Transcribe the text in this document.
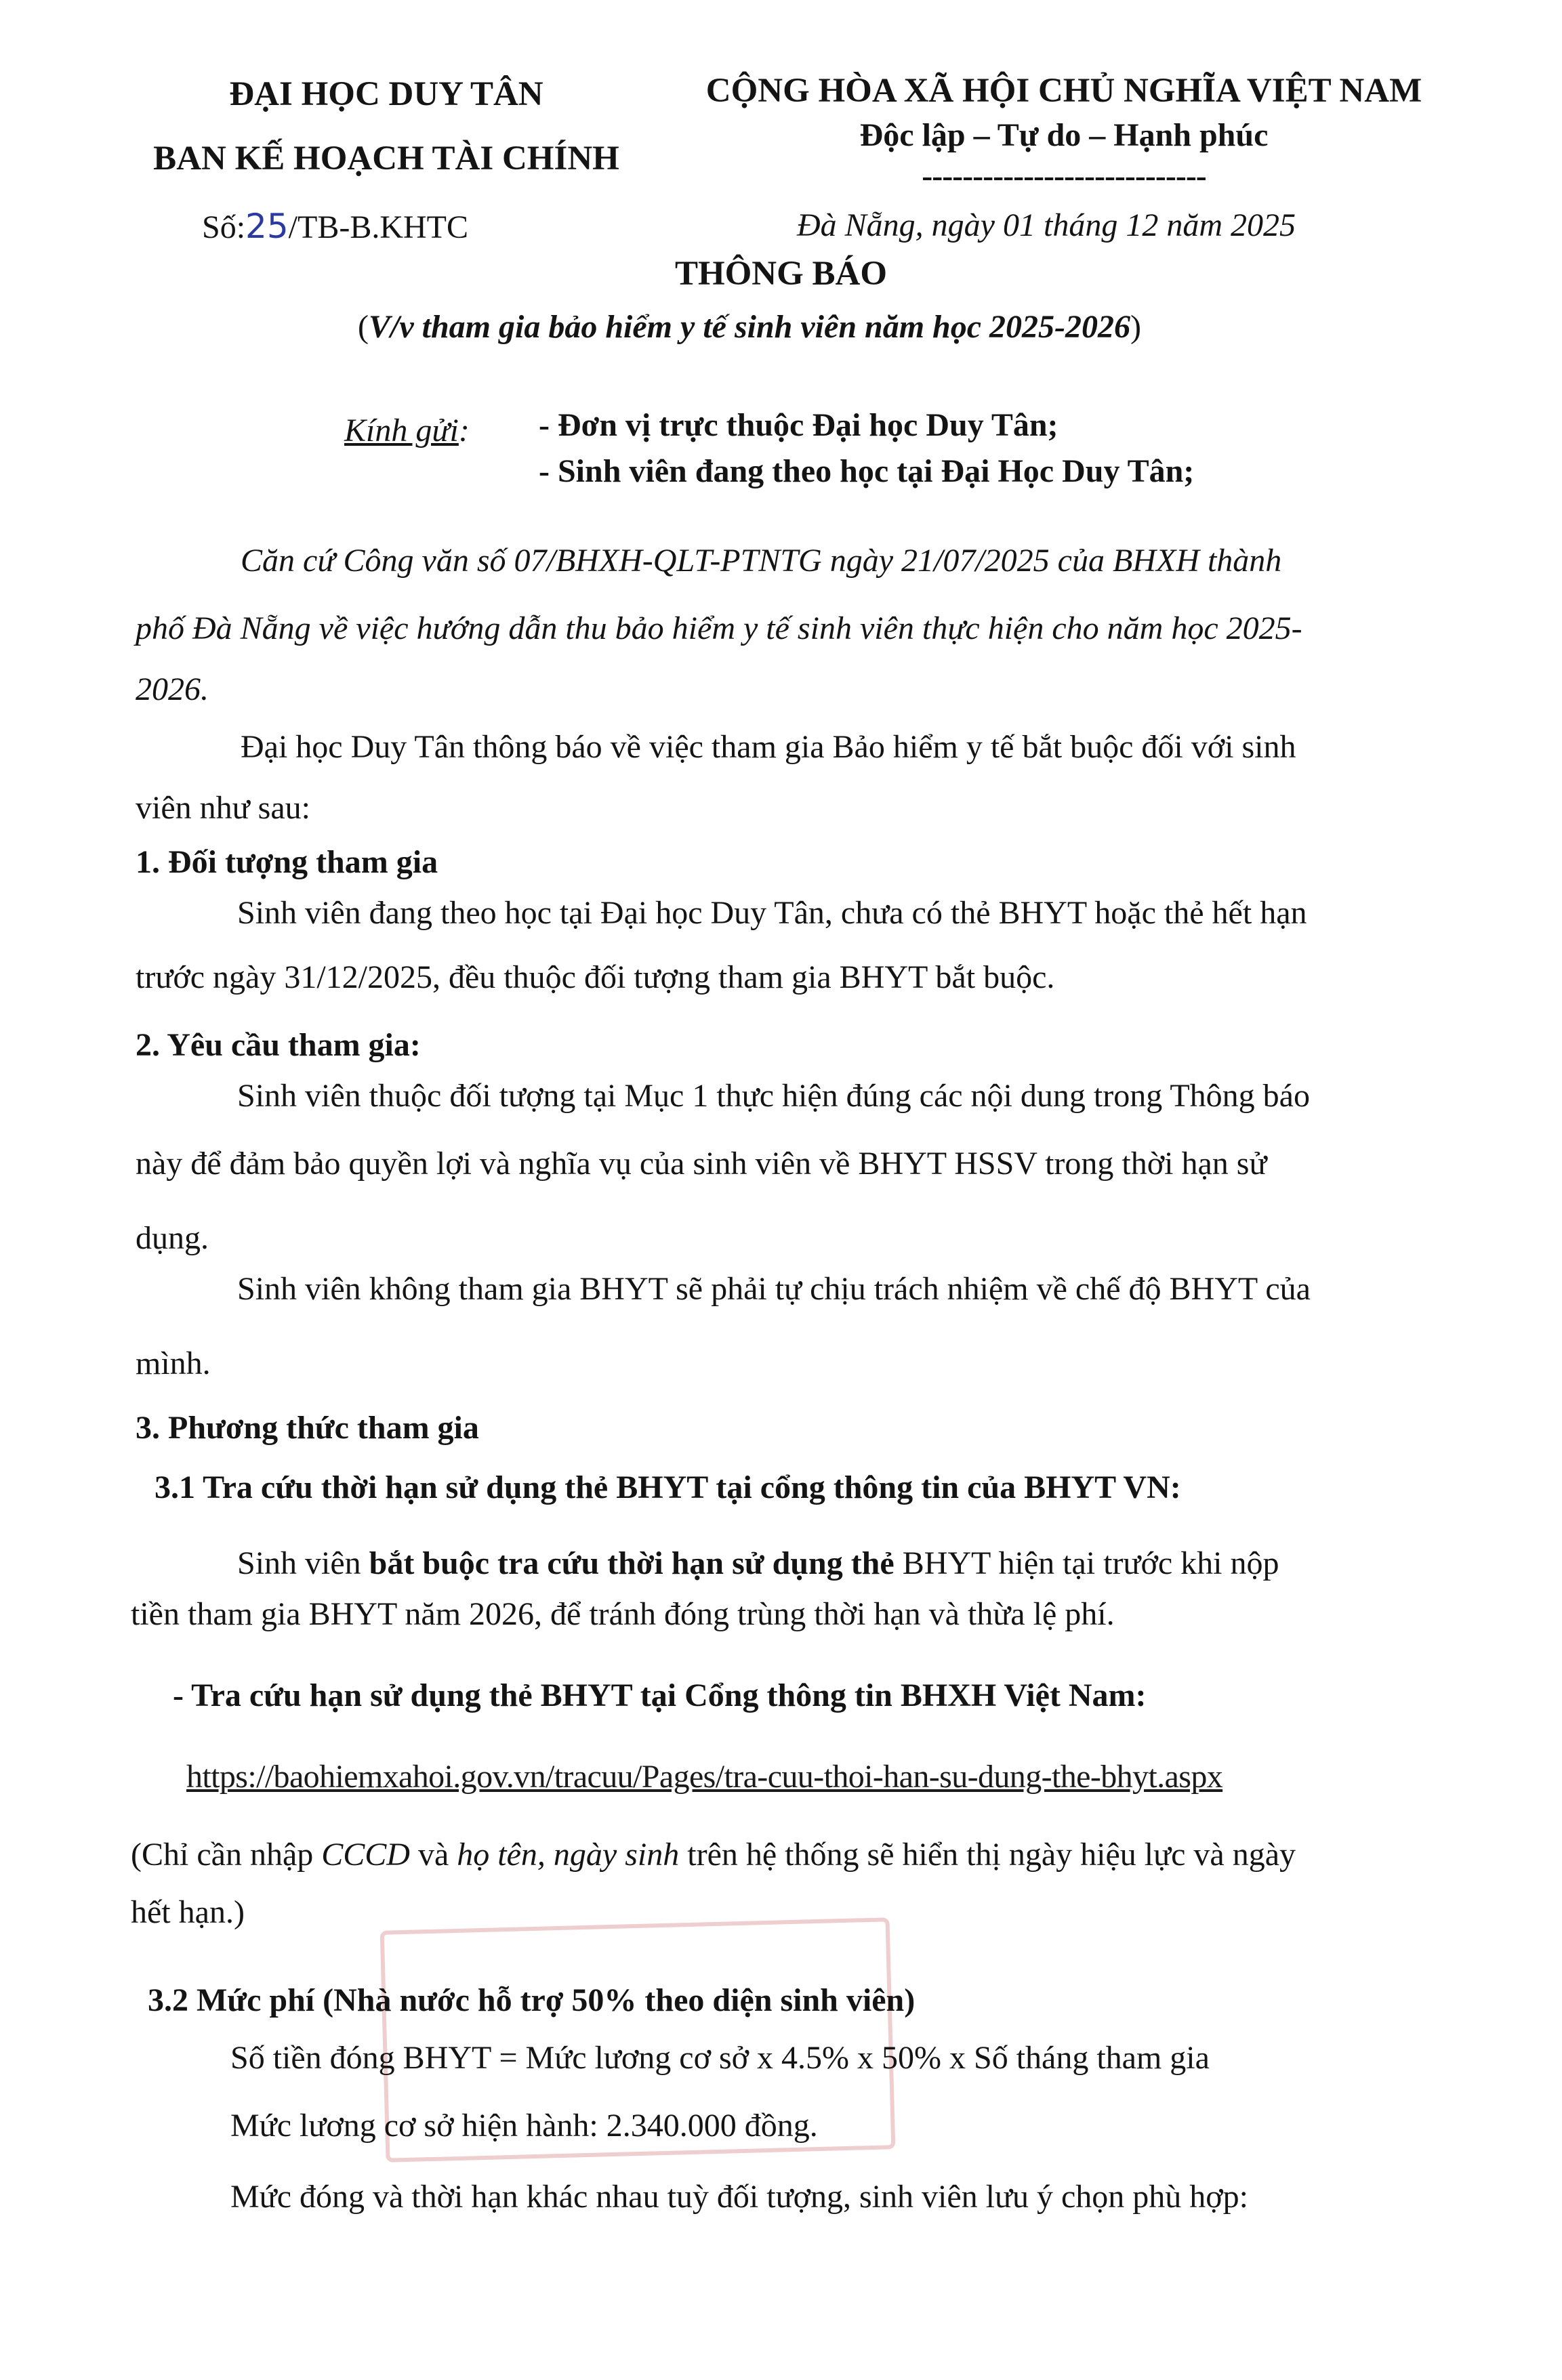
ĐẠI HỌC DUY TÂN
BAN KẾ HOẠCH TÀI CHÍNH
Số:25/TB-B.KHTC
CỘNG HÒA XÃ HỘI CHỦ NGHĨA VIỆT NAM
Độc lập – Tự do – Hạnh phúc
----------------------------
Đà Nẵng, ngày 01 tháng 12 năm 2025
THÔNG BÁO
(V/v tham gia bảo hiểm y tế sinh viên năm học 2025-2026)
Kính gửi: - Đơn vị trực thuộc Đại học Duy Tân;
- Sinh viên đang theo học tại Đại Học Duy Tân;
Căn cứ Công văn số 07/BHXH-QLT-PTNTG ngày 21/07/2025 của BHXH thành
phố Đà Nẵng về việc hướng dẫn thu bảo hiểm y tế sinh viên thực hiện cho năm học 2025-
2026.
Đại học Duy Tân thông báo về việc tham gia Bảo hiểm y tế bắt buộc đối với sinh
viên như sau:
1. Đối tượng tham gia
Sinh viên đang theo học tại Đại học Duy Tân, chưa có thẻ BHYT hoặc thẻ hết hạn
trước ngày 31/12/2025, đều thuộc đối tượng tham gia BHYT bắt buộc.
2. Yêu cầu tham gia:
Sinh viên thuộc đối tượng tại Mục 1 thực hiện đúng các nội dung trong Thông báo
này để đảm bảo quyền lợi và nghĩa vụ của sinh viên về BHYT HSSV trong thời hạn sử
dụng.
Sinh viên không tham gia BHYT sẽ phải tự chịu trách nhiệm về chế độ BHYT của
mình.
3. Phương thức tham gia
3.1 Tra cứu thời hạn sử dụng thẻ BHYT tại cổng thông tin của BHYT VN:
Sinh viên bắt buộc tra cứu thời hạn sử dụng thẻ BHYT hiện tại trước khi nộp
tiền tham gia BHYT năm 2026, để tránh đóng trùng thời hạn và thừa lệ phí.
- Tra cứu hạn sử dụng thẻ BHYT tại Cổng thông tin BHXH Việt Nam:
https://baohiemxahoi.gov.vn/tracuu/Pages/tra-cuu-thoi-han-su-dung-the-bhyt.aspx
(Chỉ cần nhập CCCD và họ tên, ngày sinh trên hệ thống sẽ hiển thị ngày hiệu lực và ngày
hết hạn.)
3.2 Mức phí (Nhà nước hỗ trợ 50% theo diện sinh viên)
Số tiền đóng BHYT = Mức lương cơ sở x 4.5% x 50% x Số tháng tham gia
Mức lương cơ sở hiện hành: 2.340.000 đồng.
Mức đóng và thời hạn khác nhau tuỳ đối tượng, sinh viên lưu ý chọn phù hợp:
